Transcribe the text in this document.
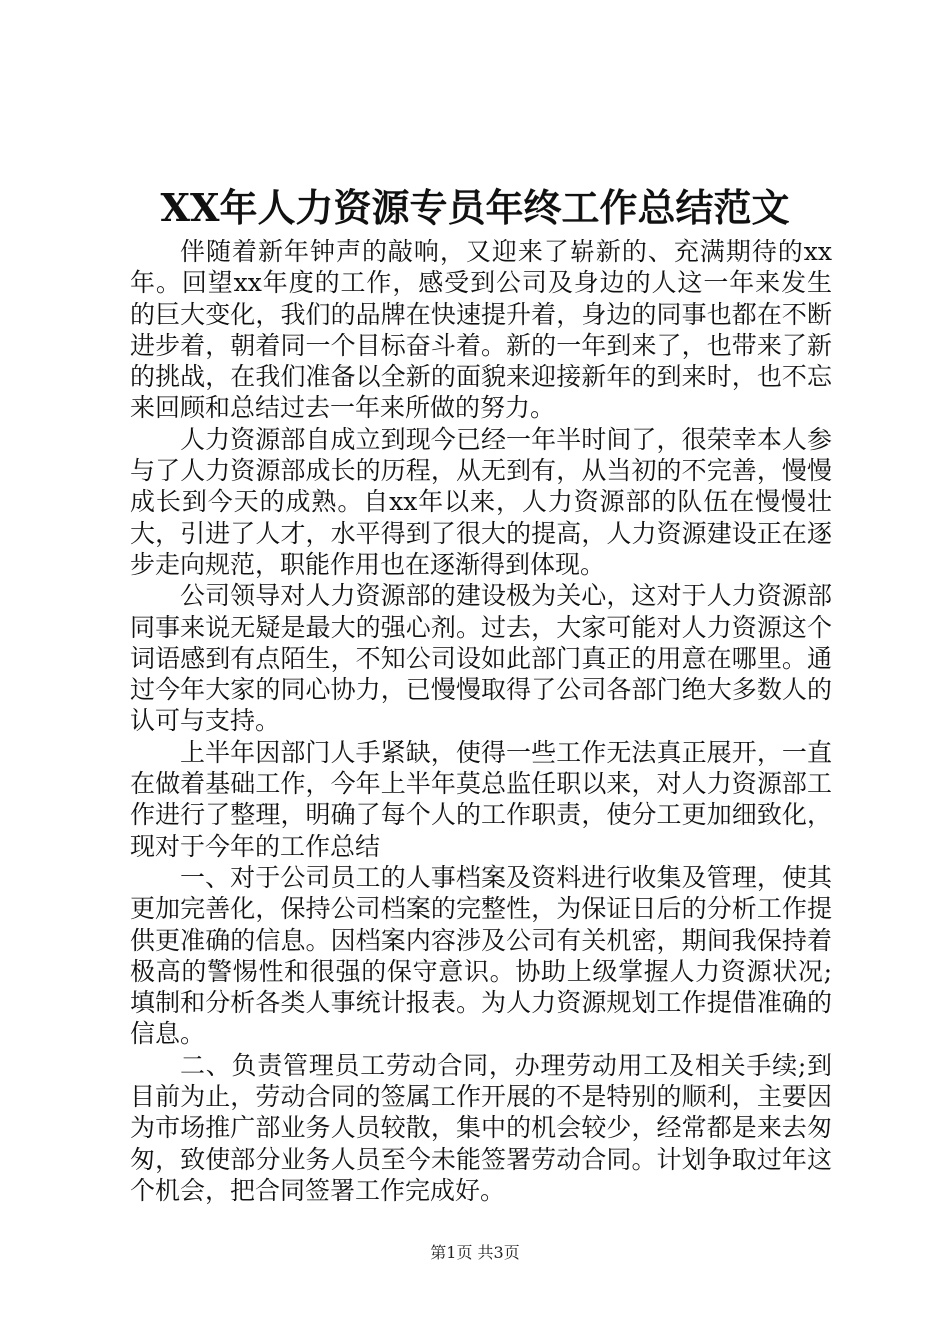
XX年人力资源专员年终工作总结范文

伴随着新年钟声的敲响，又迎来了崭新的、充满期待的xx年。回望xx年度的工作，感受到公司及身边的人这一年来发生的巨大变化，我们的品牌在快速提升着，身边的同事也都在不断进步着，朝着同一个目标奋斗着。新的一年到来了，也带来了新的挑战，在我们准备以全新的面貌来迎接新年的到来时，也不忘来回顾和总结过去一年来所做的努力。

人力资源部自成立到现今已经一年半时间了，很荣幸本人参与了人力资源部成长的历程，从无到有，从当初的不完善，慢慢成长到今天的成熟。自xx年以来，人力资源部的队伍在慢慢壮大，引进了人才，水平得到了很大的提高，人力资源建设正在逐步走向规范，职能作用也在逐渐得到体现。

公司领导对人力资源部的建设极为关心，这对于人力资源部同事来说无疑是最大的强心剂。过去，大家可能对人力资源这个词语感到有点陌生，不知公司设如此部门真正的用意在哪里。通过今年大家的同心协力，已慢慢取得了公司各部门绝大多数人的认可与支持。

上半年因部门人手紧缺，使得一些工作无法真正展开，一直在做着基础工作，今年上半年莫总监任职以来，对人力资源部工作进行了整理，明确了每个人的工作职责，使分工更加细致化，现对于今年的工作总结

一、对于公司员工的人事档案及资料进行收集及管理，使其更加完善化，保持公司档案的完整性，为保证日后的分析工作提供更准确的信息。因档案内容涉及公司有关机密，期间我保持着极高的警惕性和很强的保守意识。协助上级掌握人力资源状况;填制和分析各类人事统计报表。为人力资源规划工作提借准确的信息。

二、负责管理员工劳动合同，办理劳动用工及相关手续;到目前为止，劳动合同的签属工作开展的不是特别的顺利，主要因为市场推广部业务人员较散，集中的机会较少，经常都是来去匆匆，致使部分业务人员至今未能签署劳动合同。计划争取过年这个机会，把合同签署工作完成好。

第1页 共3页
